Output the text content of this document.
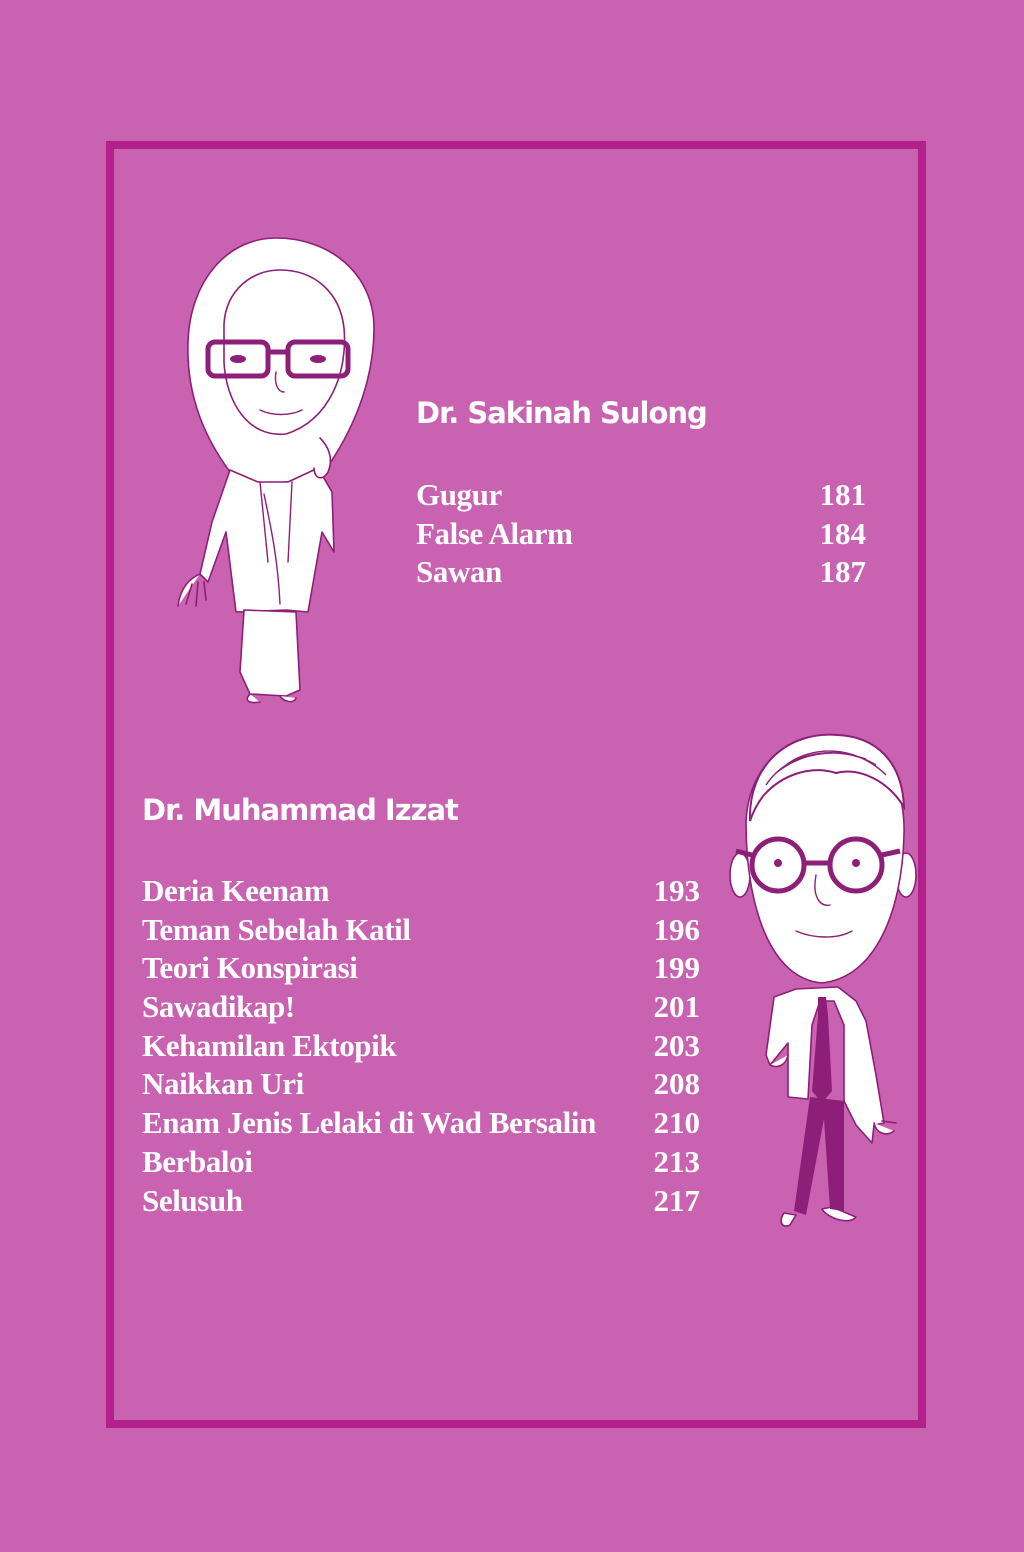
Dr. Sakinah Sulong
Gugur	181
False Alarm	184
Sawan	187
Dr. Muhammad Izzat
Deria Keenam	193
Teman Sebelah Katil	196
Teori Konspirasi	199
Sawadikap!	201
Kehamilan Ektopik	203
Naikkan Uri	208
Enam Jenis Lelaki di Wad Bersalin 210
Berbaloi	213
Selusuh	217
